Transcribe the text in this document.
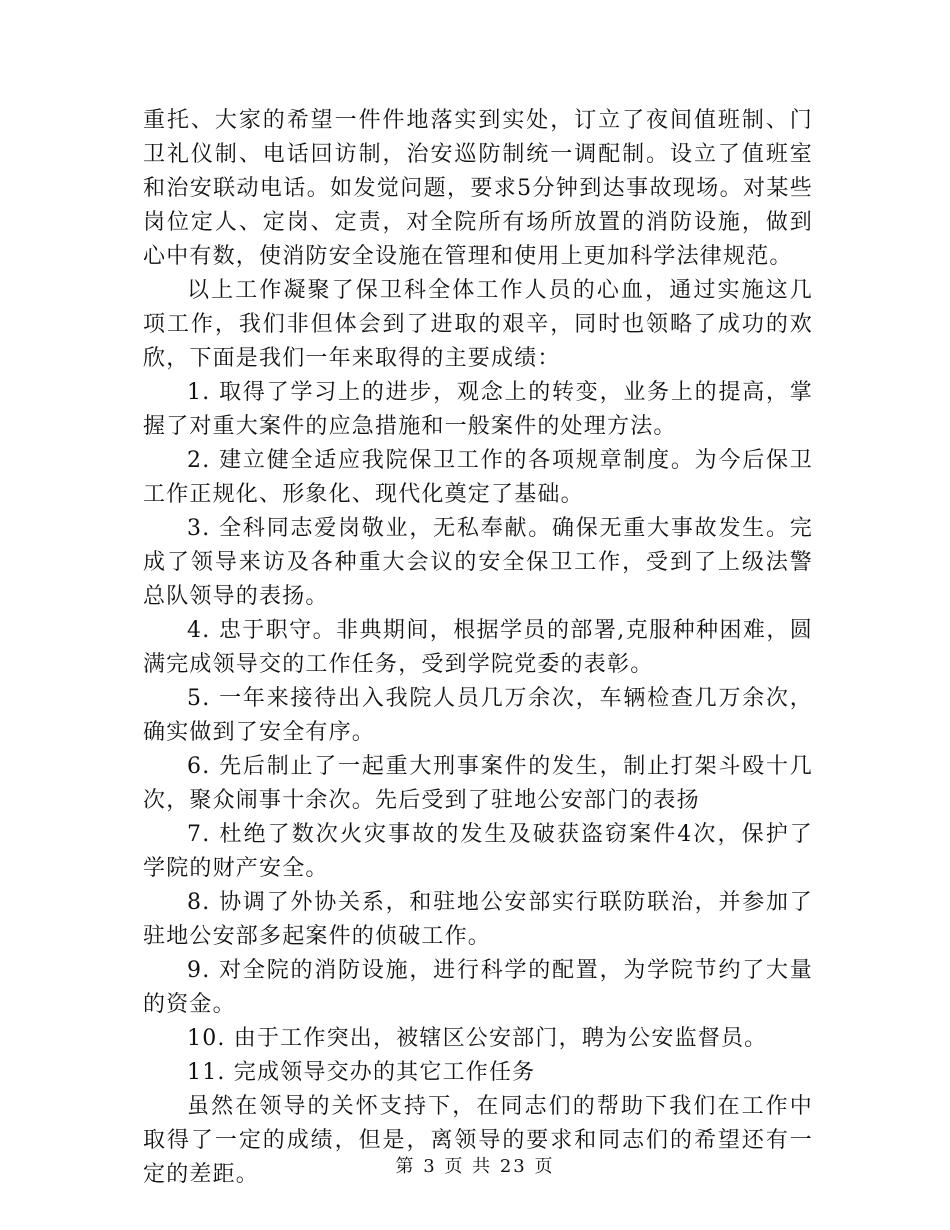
重托、大家的希望一件件地落实到实处，订立了夜间值班制、门卫礼仪制、电话回访制，治安巡防制统一调配制。设立了值班室和治安联动电话。如发觉问题，要求5分钟到达事故现场。对某些岗位定人、定岗、定责，对全院所有场所放置的消防设施，做到心中有数，使消防安全设施在管理和使用上更加科学法律规范。

以上工作凝聚了保卫科全体工作人员的心血，通过实施这几项工作，我们非但体会到了进取的艰辛，同时也领略了成功的欢欣，下面是我们一年来取得的主要成绩：

1. 取得了学习上的进步，观念上的转变，业务上的提高，掌握了对重大案件的应急措施和一般案件的处理方法。

2. 建立健全适应我院保卫工作的各项规章制度。为今后保卫工作正规化、形象化、现代化奠定了基础。

3. 全科同志爱岗敬业，无私奉献。确保无重大事故发生。完成了领导来访及各种重大会议的安全保卫工作，受到了上级法警总队领导的表扬。

4. 忠于职守。非典期间，根据学员的部署,克服种种困难，圆满完成领导交的工作任务，受到学院党委的表彰。

5. 一年来接待出入我院人员几万余次，车辆检查几万余次，确实做到了安全有序。

6. 先后制止了一起重大刑事案件的发生，制止打架斗殴十几次，聚众闹事十余次。先后受到了驻地公安部门的表扬

7. 杜绝了数次火灾事故的发生及破获盗窃案件4次，保护了学院的财产安全。

8. 协调了外协关系，和驻地公安部实行联防联治，并参加了驻地公安部多起案件的侦破工作。

9. 对全院的消防设施，进行科学的配置，为学院节约了大量的资金。

10. 由于工作突出，被辖区公安部门，聘为公安监督员。

11. 完成领导交办的其它工作任务

虽然在领导的关怀支持下，在同志们的帮助下我们在工作中取得了一定的成绩，但是，离领导的要求和同志们的希望还有一定的差距。	第 3 页 共 23 页
